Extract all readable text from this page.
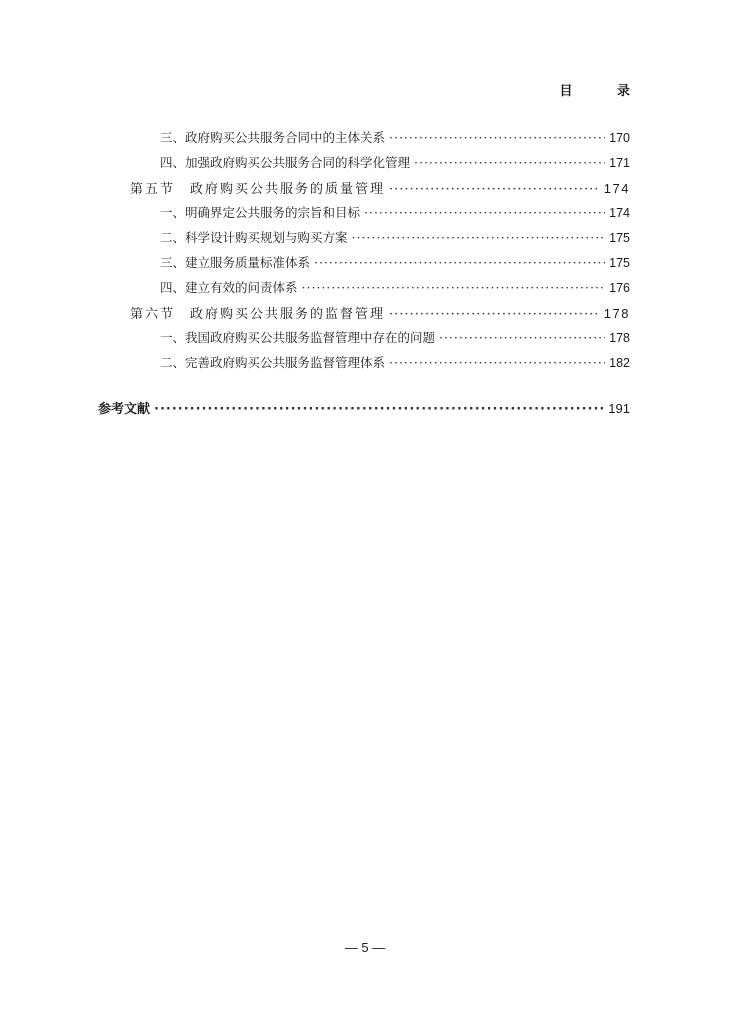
目 录
三、政府购买公共服务合同中的主体关系 ·····	170
四、加强政府购买公共服务合同的科学化管理 ·····	171
第五节　政府购买公共服务的质量管理 ·····	174
一、明确界定公共服务的宗旨和目标 ·····	174
二、科学设计购买规划与购买方案 ·····	175
三、建立服务质量标准体系 ·····	175
四、建立有效的问责体系 ·····	176
第六节　政府购买公共服务的监督管理 ·····	178
一、我国政府购买公共服务监督管理中存在的问题 ·····	178
二、完善政府购买公共服务监督管理体系 ·····	182
参考文献 ·····	191
— 5 —
